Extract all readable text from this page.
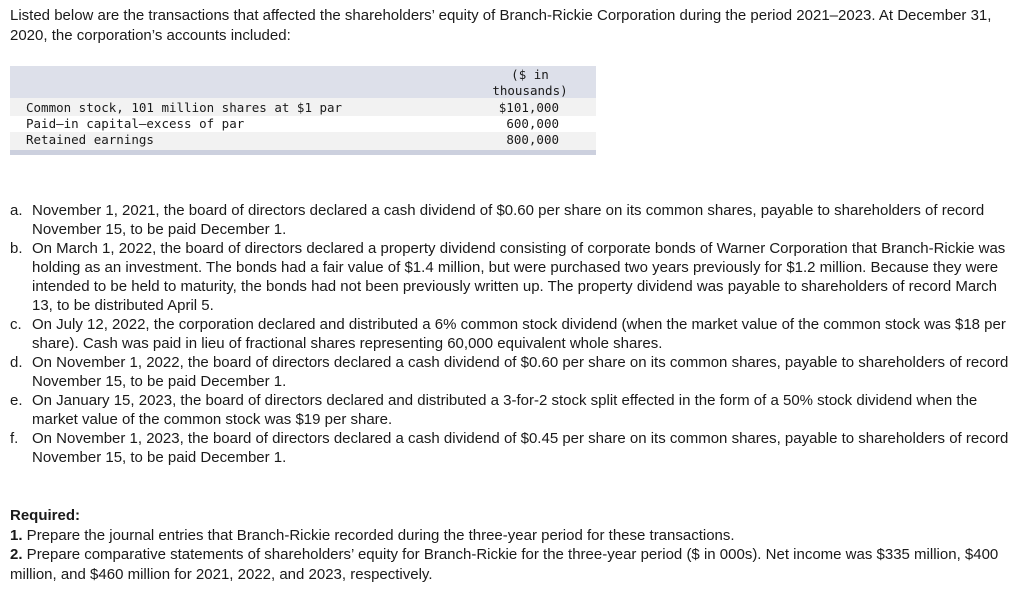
Listed below are the transactions that affected the shareholders’ equity of Branch-Rickie Corporation during the period 2021–2023. At December 31, 2020, the corporation’s accounts included:
($ in thousands)
Common stock, 101 million shares at $1 par	$101,000
Paid–in capital–excess of par	600,000
Retained earnings	800,000
a. November 1, 2021, the board of directors declared a cash dividend of $0.60 per share on its common shares, payable to shareholders of record November 15, to be paid December 1.
b. On March 1, 2022, the board of directors declared a property dividend consisting of corporate bonds of Warner Corporation that Branch-Rickie was holding as an investment. The bonds had a fair value of $1.4 million, but were purchased two years previously for $1.2 million. Because they were intended to be held to maturity, the bonds had not been previously written up. The property dividend was payable to shareholders of record March 13, to be distributed April 5.
c. On July 12, 2022, the corporation declared and distributed a 6% common stock dividend (when the market value of the common stock was $18 per share). Cash was paid in lieu of fractional shares representing 60,000 equivalent whole shares.
d. On November 1, 2022, the board of directors declared a cash dividend of $0.60 per share on its common shares, payable to shareholders of record November 15, to be paid December 1.
e. On January 15, 2023, the board of directors declared and distributed a 3-for-2 stock split effected in the form of a 50% stock dividend when the market value of the common stock was $19 per share.
f. On November 1, 2023, the board of directors declared a cash dividend of $0.45 per share on its common shares, payable to shareholders of record November 15, to be paid December 1.
Required:
1. Prepare the journal entries that Branch-Rickie recorded during the three-year period for these transactions.
2. Prepare comparative statements of shareholders’ equity for Branch-Rickie for the three-year period ($ in 000s). Net income was $335 million, $400 million, and $460 million for 2021, 2022, and 2023, respectively.
